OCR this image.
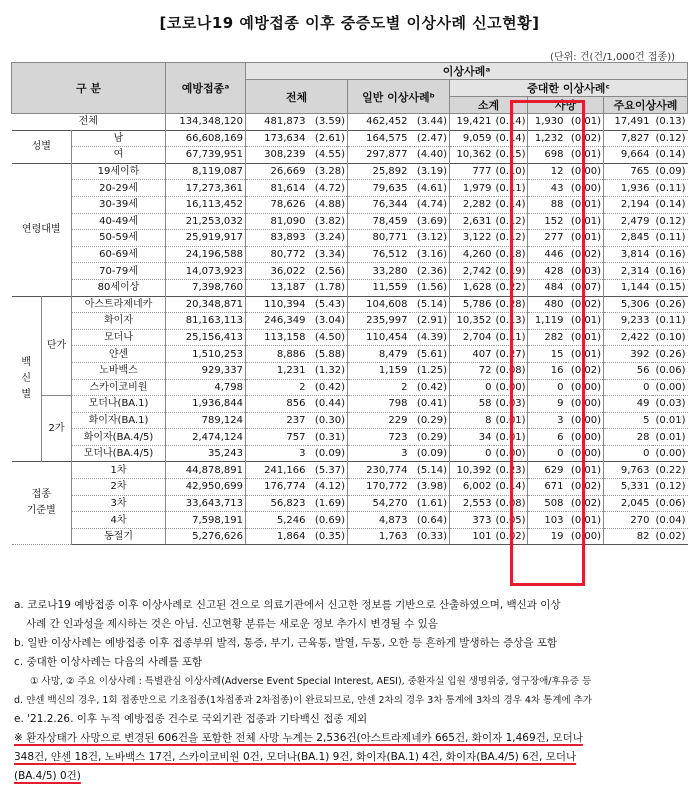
[코로나19 예방접종 이후 중증도별 이상사례 신고현황]
(단위: 건(건/1,000건 접종))
구 분			예방접종ᵃ	이상사례ᵃ									
				전체		일반 이상사례ᵇ		중대한 이상사례ᶜ					
								소계		사망		주요이상사례	
전체			134,348,120	481,873	(3.59)	462,452	(3.44)	19,421	(0.14)	1,930	(0.01)	17,491	(0.13)
성별		남	66,608,169	173,634	(2.61)	164,575	(2.47)	9,059	(0.14)	1,232	(0.02)	7,827	(0.12)
		여	67,739,951	308,239	(4.55)	297,877	(4.40)	10,362	(0.15)	698	(0.01)	9,664	(0.14)
연령대별		19세이하	8,119,087	26,669	(3.28)	25,892	(3.19)	777	(0.10)	12	(0.00)	765	(0.09)
		20-29세	17,273,361	81,614	(4.72)	79,635	(4.61)	1,979	(0.11)	43	(0.00)	1,936	(0.11)
		30-39세	16,113,452	78,626	(4.88)	76,344	(4.74)	2,282	(0.14)	88	(0.01)	2,194	(0.14)
		40-49세	21,253,032	81,090	(3.82)	78,459	(3.69)	2,631	(0.12)	152	(0.01)	2,479	(0.12)
		50-59세	25,919,917	83,893	(3.24)	80,771	(3.12)	3,122	(0.12)	277	(0.01)	2,845	(0.11)
		60-69세	24,196,588	80,772	(3.34)	76,512	(3.16)	4,260	(0.18)	446	(0.02)	3,814	(0.16)
		70-79세	14,073,923	36,022	(2.56)	33,280	(2.36)	2,742	(0.19)	428	(0.03)	2,314	(0.16)
		80세이상	7,398,760	13,187	(1.78)	11,559	(1.56)	1,628	(0.22)	484	(0.07)	1,144	(0.15)
백
신
별	단가	아스트라제네카	20,348,871	110,394	(5.43)	104,608	(5.14)	5,786	(0.28)	480	(0.02)	5,306	(0.26)
		화이자	81,163,113	246,349	(3.04)	235,997	(2.91)	10,352	(0.13)	1,119	(0.01)	9,233	(0.11)
		모더나	25,156,413	113,158	(4.50)	110,454	(4.39)	2,704	(0.11)	282	(0.01)	2,422	(0.10)
		얀센	1,510,253	8,886	(5.88)	8,479	(5.61)	407	(0.27)	15	(0.01)	392	(0.26)
		노바백스	929,337	1,231	(1.32)	1,159	(1.25)	72	(0.08)	16	(0.02)	56	(0.06)
		스카이코비원	4,798	2	(0.42)	2	(0.42)	0	(0.00)	0	(0.00)	0	(0.00)
	2가	모더나(BA.1)	1,936,844	856	(0.44)	798	(0.41)	58	(0.03)	9	(0.00)	49	(0.03)
		화이자(BA.1)	789,124	237	(0.30)	229	(0.29)	8	(0.01)	3	(0.00)	5	(0.01)
		화이자(BA.4/5)	2,474,124	757	(0.31)	723	(0.29)	34	(0.01)	6	(0.00)	28	(0.01)
		모더나(BA.4/5)	35,243	3	(0.09)	3	(0.09)	0	(0.00)	0	(0.00)	0	(0.00)
접종
기준별		1차	44,878,891	241,166	(5.37)	230,774	(5.14)	10,392	(0.23)	629	(0.01)	9,763	(0.22)
		2차	42,950,699	176,774	(4.12)	170,772	(3.98)	6,002	(0.14)	671	(0.02)	5,331	(0.12)
		3차	33,643,713	56,823	(1.69)	54,270	(1.61)	2,553	(0.08)	508	(0.02)	2,045	(0.06)
		4차	7,598,191	5,246	(0.69)	4,873	(0.64)	373	(0.05)	103	(0.01)	270	(0.04)
		동절기	5,276,626	1,864	(0.35)	1,763	(0.33)	101	(0.02)	19	(0.00)	82	(0.02)

a. 코로나19 예방접종 이후 이상사례로 신고된 건으로 의료기관에서 신고한 정보를 기반으로 산출하였으며, 백신과 이상

사례 간 인과성을 제시하는 것은 아님. 신고현황 분류는 새로운 정보 추가시 변경될 수 있음

b. 일반 이상사례는 예방접종 이후 접종부위 발적, 통증, 부기, 근육통, 발열, 두통, 오한 등 흔하게 발생하는 증상을 포함

c. 중대한 이상사례는 다음의 사례를 포함

① 사망, ② 주요 이상사례 : 특별관심 이상사례(Adverse Event Special Interest, AESI), 중환자실 입원 생명위중, 영구장애/후유증 등

d. 얀센 백신의 경우, 1회 접종만으로 기초접종(1차접종과 2차접종)이 완료되므로, 얀센 2차의 경우 3차 통계에 3차의 경우 4차 통계에 추가

e. '21.2.26. 이후 누적 예방접종 건수로 국외기관 접종과 기타백신 접종 제외

※ 환자상태가 사망으로 변경된 606건을 포함한 전체 사망 누계는 2,536건(아스트라제네카 665건, 화이자 1,469건, 모더나

348건, 얀센 18건, 노바백스 17건, 스카이코비원 0건, 모더나(BA.1) 9건, 화이자(BA.1) 4건, 화이자(BA.4/5) 6건, 모더나

(BA.4/5) 0건)
